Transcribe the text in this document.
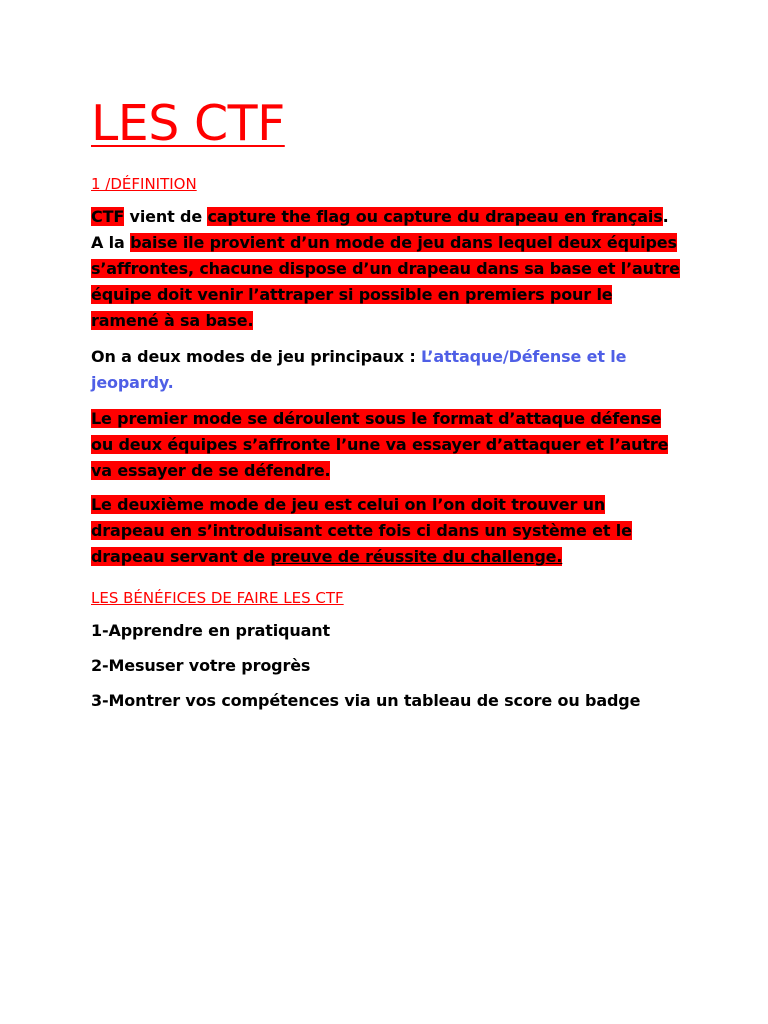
LES CTF
1 /DÉFINITION

CTF vient de capture the flag ou capture du drapeau en français. A la baise ile provient d’un mode de jeu dans lequel deux équipes s’affrontes, chacune dispose d’un drapeau dans sa base et l’autre équipe doit venir l’attraper si possible en premiers pour le ramené à sa base.

On a deux modes de jeu principaux : L’attaque/Défense et le jeopardy.

Le premier mode se déroulent sous le format d’attaque défense ou deux équipes s’affronte l’une va essayer d’attaquer et l’autre va essayer de se défendre.

Le deuxième mode de jeu est celui on l’on doit trouver un drapeau en s’introduisant cette fois ci dans un système et le drapeau servant de preuve de réussite du challenge.

LES BÉNÉFICES DE FAIRE LES CTF
1-Apprendre en pratiquant
2-Mesuser votre progrès
3-Montrer vos compétences via un tableau de score ou badge
